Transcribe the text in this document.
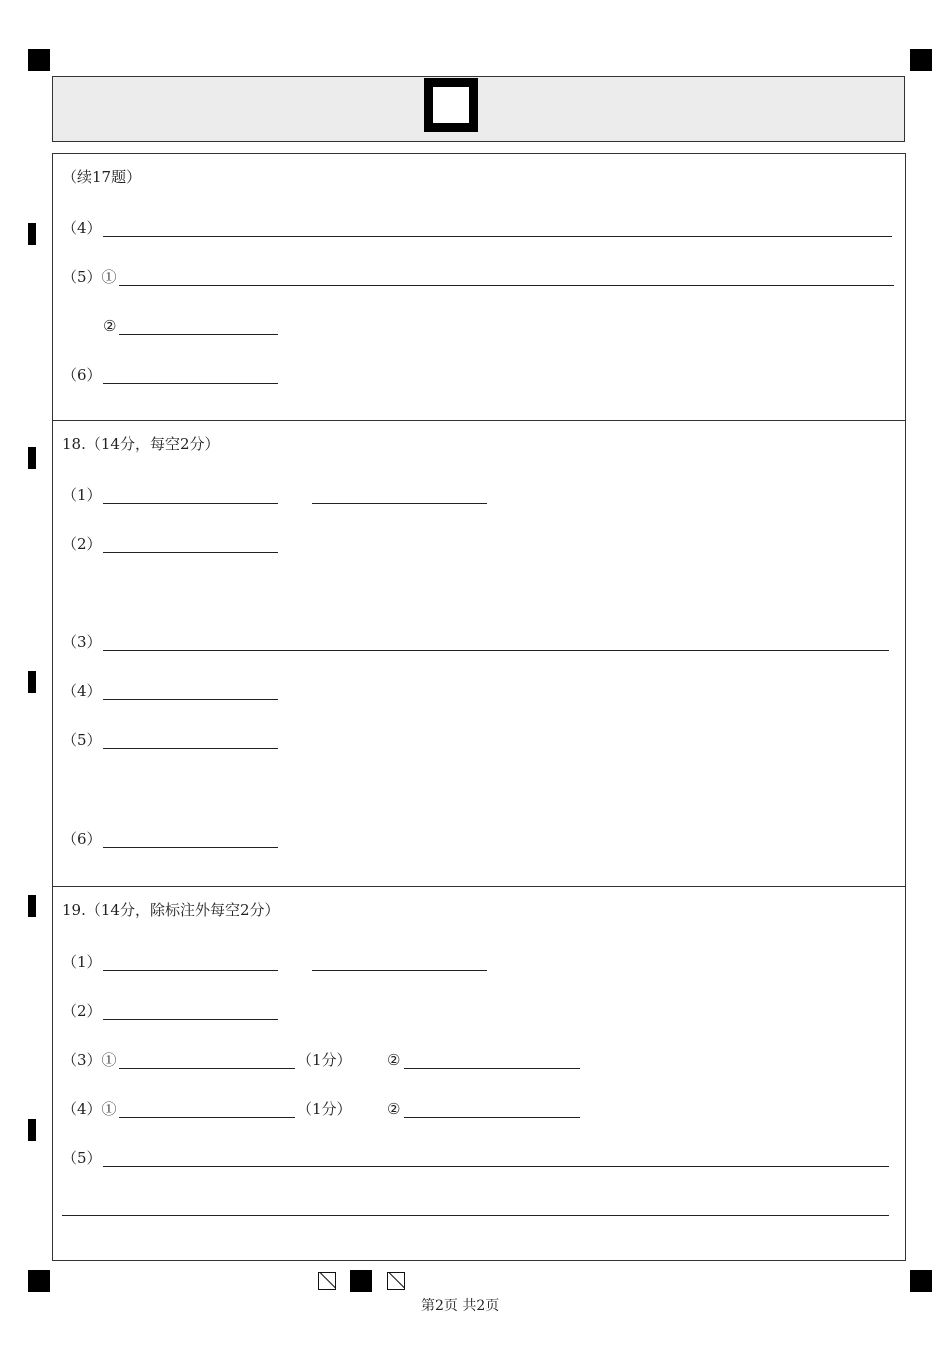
（续17题）
（4）
（5）①
②
（6）
18.（14分，每空2分）
（1）
（2）
（3）
（4）
（5）
（6）
19.（14分，除标注外每空2分）
（1）
（2）
（3）①	（1分） ②
（4）①	（1分） ②
（5）
第2页 共2页
